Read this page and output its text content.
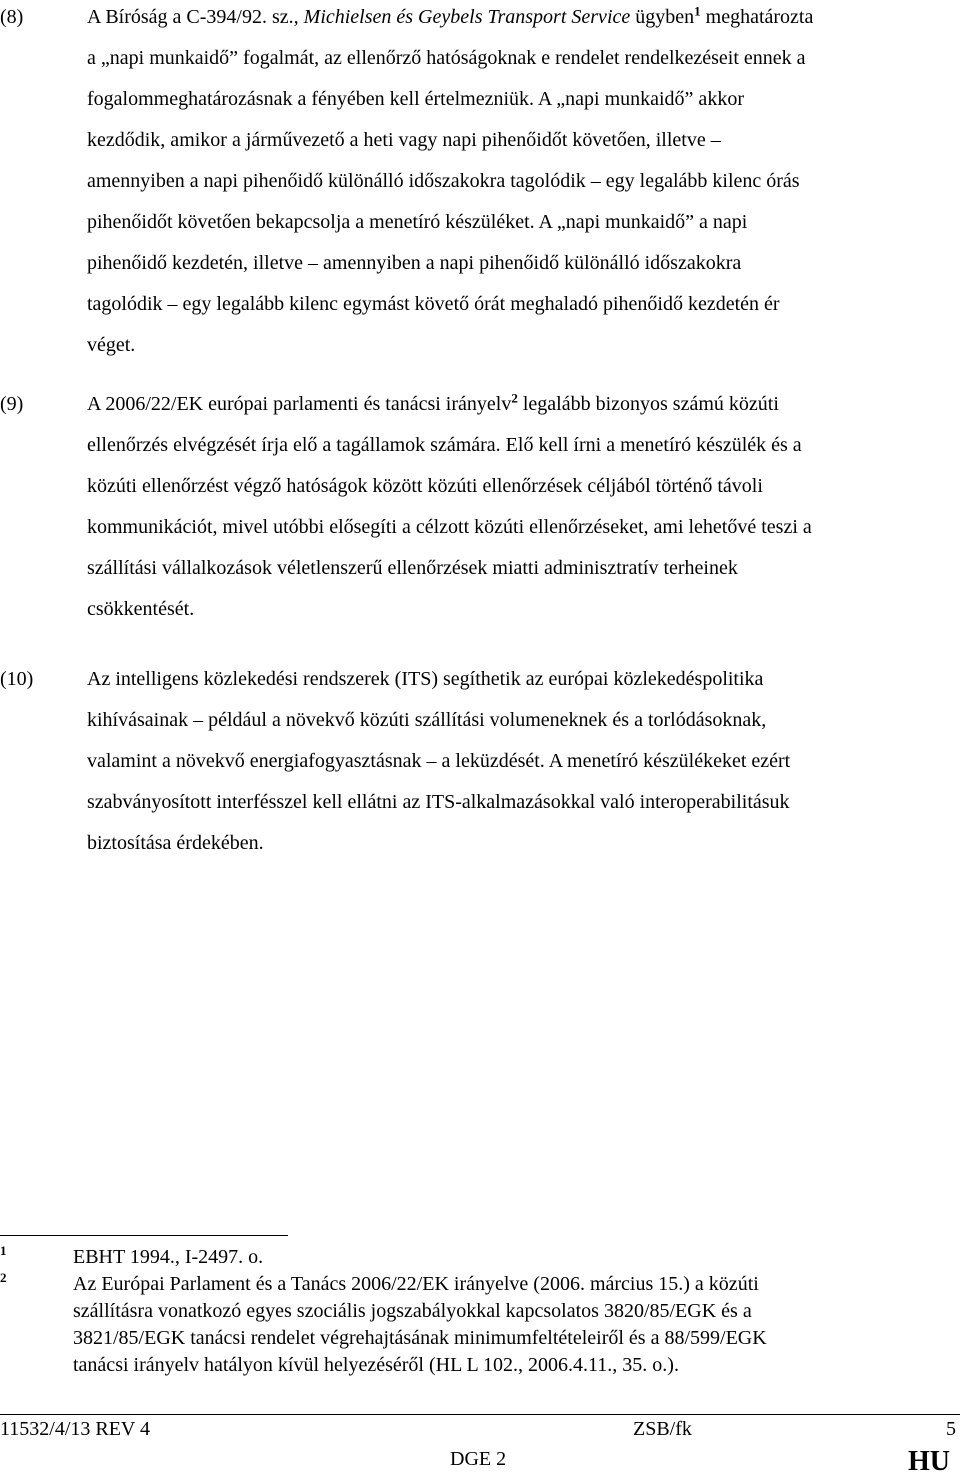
(8)	A Bíróság a C-394/92. sz., Michielsen és Geybels Transport Service ügyben$^1$ meghatározta
a „napi munkaidő” fogalmát, az ellenőrző hatóságoknak e rendelet rendelkezéseit ennek a
fogalommeghatározásnak a fényében kell értelmezniük. A „napi munkaidő” akkor
kezdődik, amikor a járművezető a heti vagy napi pihenőidőt követően, illetve –
amennyiben a napi pihenőidő különálló időszakokra tagolódik – egy legalább kilenc órás
pihenőidőt követően bekapcsolja a menetíró készüléket. A „napi munkaidő” a napi
pihenőidő kezdetén, illetve – amennyiben a napi pihenőidő különálló időszakokra
tagolódik – egy legalább kilenc egymást követő órát meghaladó pihenőidő kezdetén ér
véget.
(9)	A 2006/22/EK európai parlamenti és tanácsi irányelv$^2$ legalább bizonyos számú közúti
ellenőrzés elvégzését írja elő a tagállamok számára. Elő kell írni a menetíró készülék és a
közúti ellenőrzést végző hatóságok között közúti ellenőrzések céljából történő távoli
kommunikációt, mivel utóbbi elősegíti a célzott közúti ellenőrzéseket, ami lehetővé teszi a
szállítási vállalkozások véletlenszerű ellenőrzések miatti adminisztratív terheinek
csökkentését.
(10)	Az intelligens közlekedési rendszerek (ITS) segíthetik az európai közlekedéspolitika
kihívásainak – például a növekvő közúti szállítási volumeneknek és a torlódásoknak,
valamint a növekvő energiafogyasztásnak – a leküzdését. A menetíró készülékeket ezért
szabványosított interfésszel kell ellátni az ITS-alkalmazásokkal való interoperabilitásuk
biztosítása érdekében.
1	EBHT 1994., I-2497. o.
2	Az Európai Parlament és a Tanács 2006/22/EK irányelve (2006. március 15.) a közúti
szállításra vonatkozó egyes szociális jogszabályokkal kapcsolatos 3820/85/EGK és a
3821/85/EGK tanácsi rendelet végrehajtásának minimumfeltételeiről és a 88/599/EGK
tanácsi irányelv hatályon kívül helyezéséről (HL L 102., 2006.4.11., 35. o.).
11532/4/13 REV 4	ZSB/fk	5
DGE 2	HU
